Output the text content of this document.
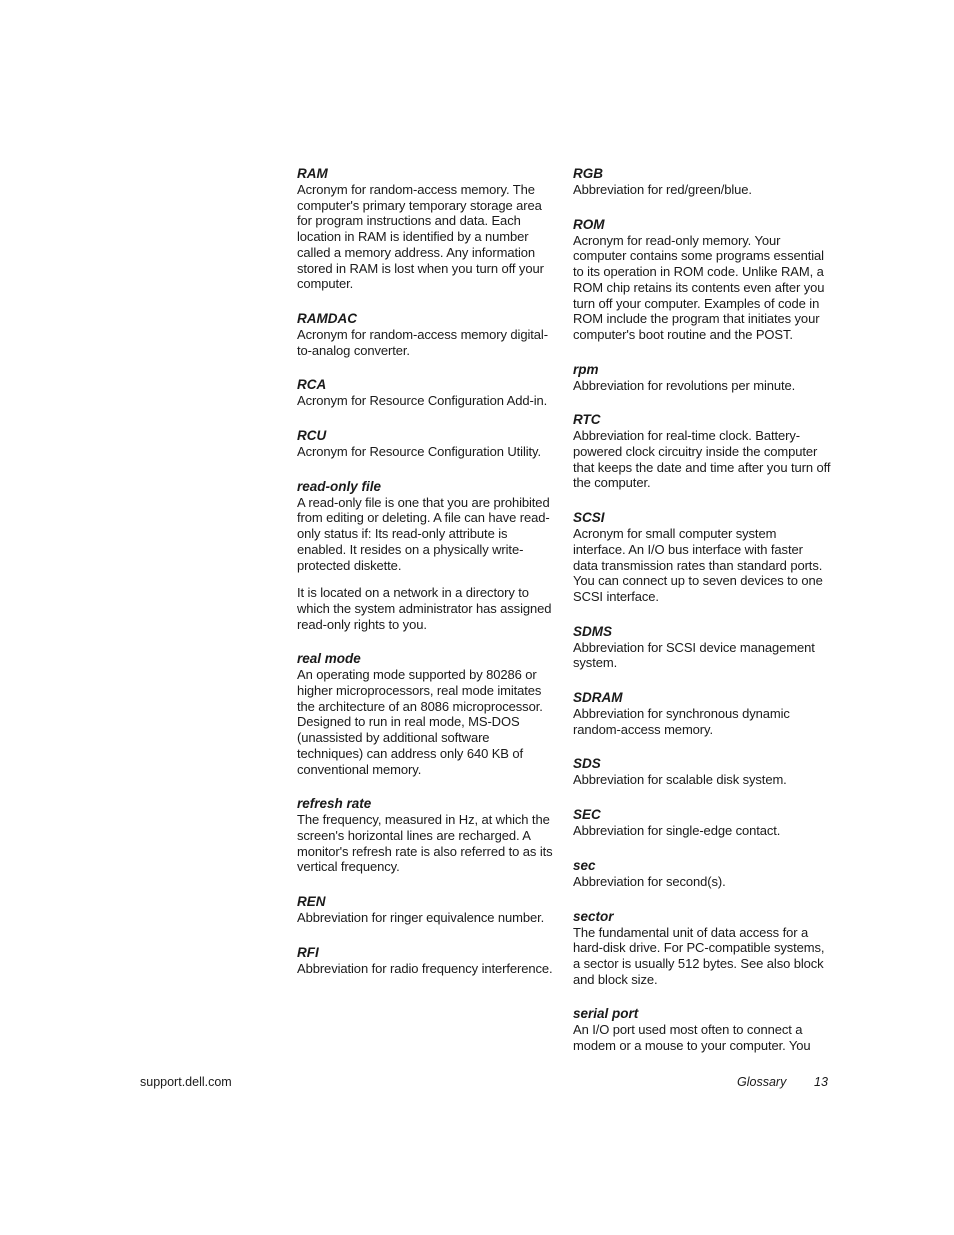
RAM

Acronym for random-access memory. The computer's primary temporary storage area for program instructions and data. Each location in RAM is identified by a number called a memory address. Any information stored in RAM is lost when you turn off your computer.

RAMDAC

Acronym for random-access memory digital-to-analog converter.

RCA

Acronym for Resource Configuration Add-in.

RCU

Acronym for Resource Configuration Utility.

read-only file

A read-only file is one that you are prohibited from editing or deleting. A file can have read-only status if: Its read-only attribute is enabled. It resides on a physically write-protected diskette.

It is located on a network in a directory to which the system administrator has assigned read-only rights to you.

real mode

An operating mode supported by 80286 or higher microprocessors, real mode imitates the architecture of an 8086 microprocessor. Designed to run in real mode, MS-DOS (unassisted by additional software techniques) can address only 640 KB of conventional memory.

refresh rate

The frequency, measured in Hz, at which the screen's horizontal lines are recharged. A monitor's refresh rate is also referred to as its vertical frequency.

REN

Abbreviation for ringer equivalence number.

RFI

Abbreviation for radio frequency interference.

RGB

Abbreviation for red/green/blue.

ROM

Acronym for read-only memory. Your computer contains some programs essential to its operation in ROM code. Unlike RAM, a ROM chip retains its contents even after you turn off your computer. Examples of code in ROM include the program that initiates your computer's boot routine and the POST.

rpm

Abbreviation for revolutions per minute.

RTC

Abbreviation for real-time clock. Battery-powered clock circuitry inside the computer that keeps the date and time after you turn off the computer.

SCSI

Acronym for small computer system interface. An I/O bus interface with faster data transmission rates than standard ports. You can connect up to seven devices to one SCSI interface.

SDMS

Abbreviation for SCSI device management system.

SDRAM

Abbreviation for synchronous dynamic random-access memory.

SDS

Abbreviation for scalable disk system.

SEC

Abbreviation for single-edge contact.

sec

Abbreviation for second(s).

sector

The fundamental unit of data access for a hard-disk drive. For PC-compatible systems, a sector is usually 512 bytes. See also block and block size.

serial port

An I/O port used most often to connect a modem or a mouse to your computer. You

support.dell.com	Glossary 13
